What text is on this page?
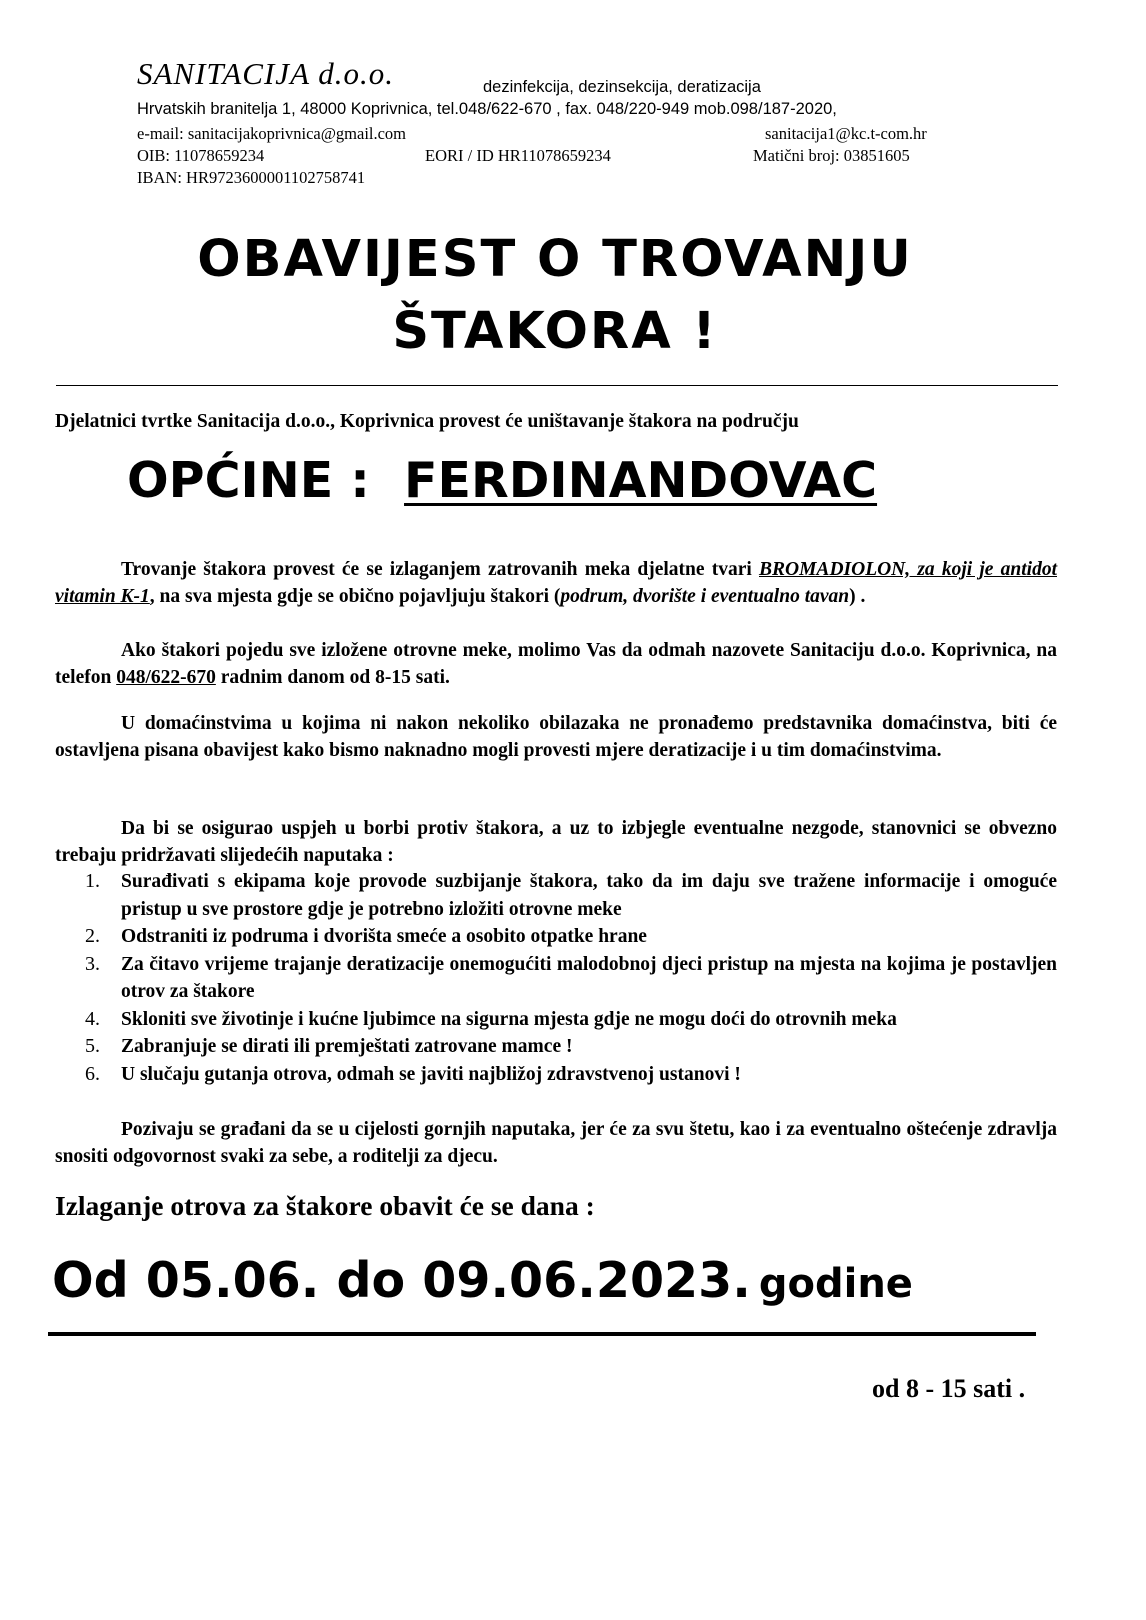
SANITACIJA d.o.o.	dezinfekcija, dezinsekcija, deratizacija
Hrvatskih branitelja 1, 48000 Koprivnica, tel.048/622-670 , fax. 048/220-949 mob.098/187-2020,
e-mail: sanitacijakoprivnica@gmail.com	sanitacija1@kc.t-com.hr
OIB: 11078659234	EORI / ID HR11078659234	Matični broj: 03851605
IBAN: HR9723600001102758741
OBAVIJEST O TROVANJU
ŠTAKORA !
Djelatnici tvrtke Sanitacija d.o.o., Koprivnica provest će uništavanje štakora na području
OPĆINE : FERDINANDOVAC
Trovanje štakora provest će se izlaganjem zatrovanih meka djelatne tvari BROMADIOLON, za koji je antidot vitamin K-1, na sva mjesta gdje se obično pojavljuju štakori (podrum, dvorište i eventualno tavan) .
Ako štakori pojedu sve izložene otrovne meke, molimo Vas da odmah nazovete Sanitaciju d.o.o. Koprivnica, na telefon 048/622-670 radnim danom od 8-15 sati.
U domaćinstvima u kojima ni nakon nekoliko obilazaka ne pronađemo predstavnika domaćinstva, biti će ostavljena pisana obavijest kako bismo naknadno mogli provesti mjere deratizacije i u tim domaćinstvima.
Da bi se osigurao uspjeh u borbi protiv štakora, a uz to izbjegle eventualne nezgode, stanovnici se obvezno trebaju pridržavati slijedećih naputaka :
1. Surađivati s ekipama koje provode suzbijanje štakora, tako da im daju sve tražene informacije i omoguće pristup u sve prostore gdje je potrebno izložiti otrovne meke
2. Odstraniti iz podruma i dvorišta smeće a osobito otpatke hrane
3. Za čitavo vrijeme trajanje deratizacije onemogućiti malodobnoj djeci pristup na mjesta na kojima je postavljen otrov za štakore
4. Skloniti sve životinje i kućne ljubimce na sigurna mjesta gdje ne mogu doći do otrovnih meka
5. Zabranjuje se dirati ili premještati zatrovane mamce !
6. U slučaju gutanja otrova, odmah se javiti najbližoj zdravstvenoj ustanovi !
Pozivaju se građani da se u cijelosti gornjih naputaka, jer će za svu štetu, kao i za eventualno oštećenje zdravlja snositi odgovornost svaki za sebe, a roditelji za djecu.
Izlaganje otrova za štakore obavit će se dana :
Od 05.06. do 09.06.2023. godine
od 8 - 15 sati .
